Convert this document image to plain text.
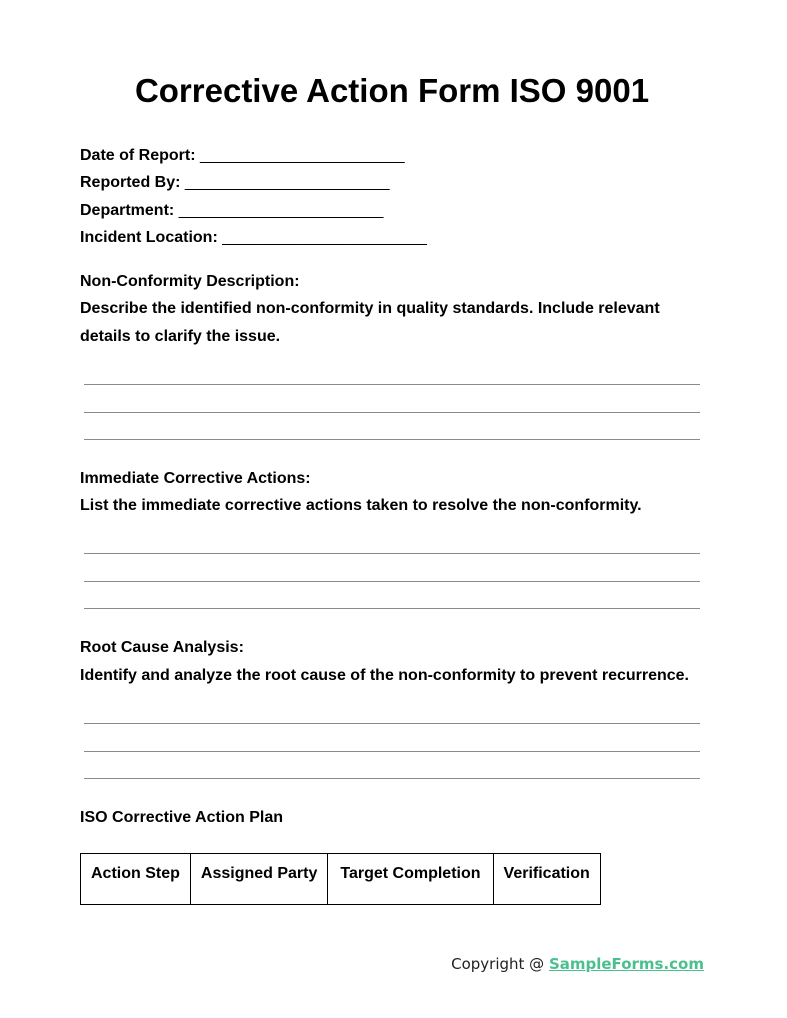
Corrective Action Form ISO 9001
Date of Report: _______________________
Reported By: _______________________
Department: _______________________
Incident Location: _______________________
Non-Conformity Description:
Describe the identified non-conformity in quality standards. Include relevant details to clarify the issue.
Immediate Corrective Actions:
List the immediate corrective actions taken to resolve the non-conformity.
Root Cause Analysis:
Identify and analyze the root cause of the non-conformity to prevent recurrence.
ISO Corrective Action Plan
Action Step	Assigned Party	Target Completion	Verification
Copyright @ SampleForms.com
